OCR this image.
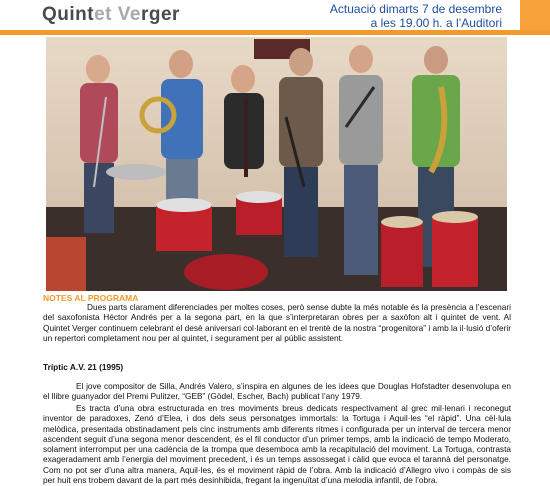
Quintet Verger	Actuació dimarts 7 de desembre
a les 19.00 h. a l’Auditori
NOTES AL PROGRAMA

Dues parts clarament diferenciades per moltes coses, però sense dubte la més notable és la presència a l’escenari del saxofonista Héctor Andrés per a la segona part, en la que s’interpretaran obres per a saxòfon alt i quintet de vent. Al Quintet Verger continuem celebrant el desè aniversari col·laborant en el trentè de la nostra “progenitora” i amb la il·lusió d’oferir un repertori completament nou per al quintet, i segurament per al públic assistent.

Tríptic A.V. 21 (1995)

El jove compositor de Silla, Andrés Valero, s’inspira en algunes de les idees que Douglas Hofstadter desenvolupa en el llibre guanyador del Premi Pulitzer, “GEB” (Gödel, Escher, Bach) publicat l’any 1979.

Es tracta d’una obra estructurada en tres moviments breus dedicats respectivament al grec mil·lenari i reconegut inventor de paradoxes, Zenó d’Elea, i dos dels seus personatges immortals: la Tortuga i Aquil·les “el ràpid”. Una cèl·lula melòdica, presentada obstinadament pels cinc instruments amb diferents ritmes i configurada per un interval de tercera menor ascendent seguit d’una segona menor descendent, és el fil conductor d’un primer temps, amb la indicació de tempo Moderato, solament interromput per una cadència de la trompa que desemboca amb la recapitulació del moviment. La Tortuga, contrasta exageradament amb l’energia del moviment precedent, i és un temps assossegat i càlid que evoca el tarannà del personatge. Com no pot ser d’una altra manera, Aquil·les, és el moviment ràpid de l’obra. Amb la indicació d’Allegro vivo i compàs de sis per huit ens trobem davant de la part més desinhibida, fregant la ingenuïtat d’una melodia infantil, de l’obra.
